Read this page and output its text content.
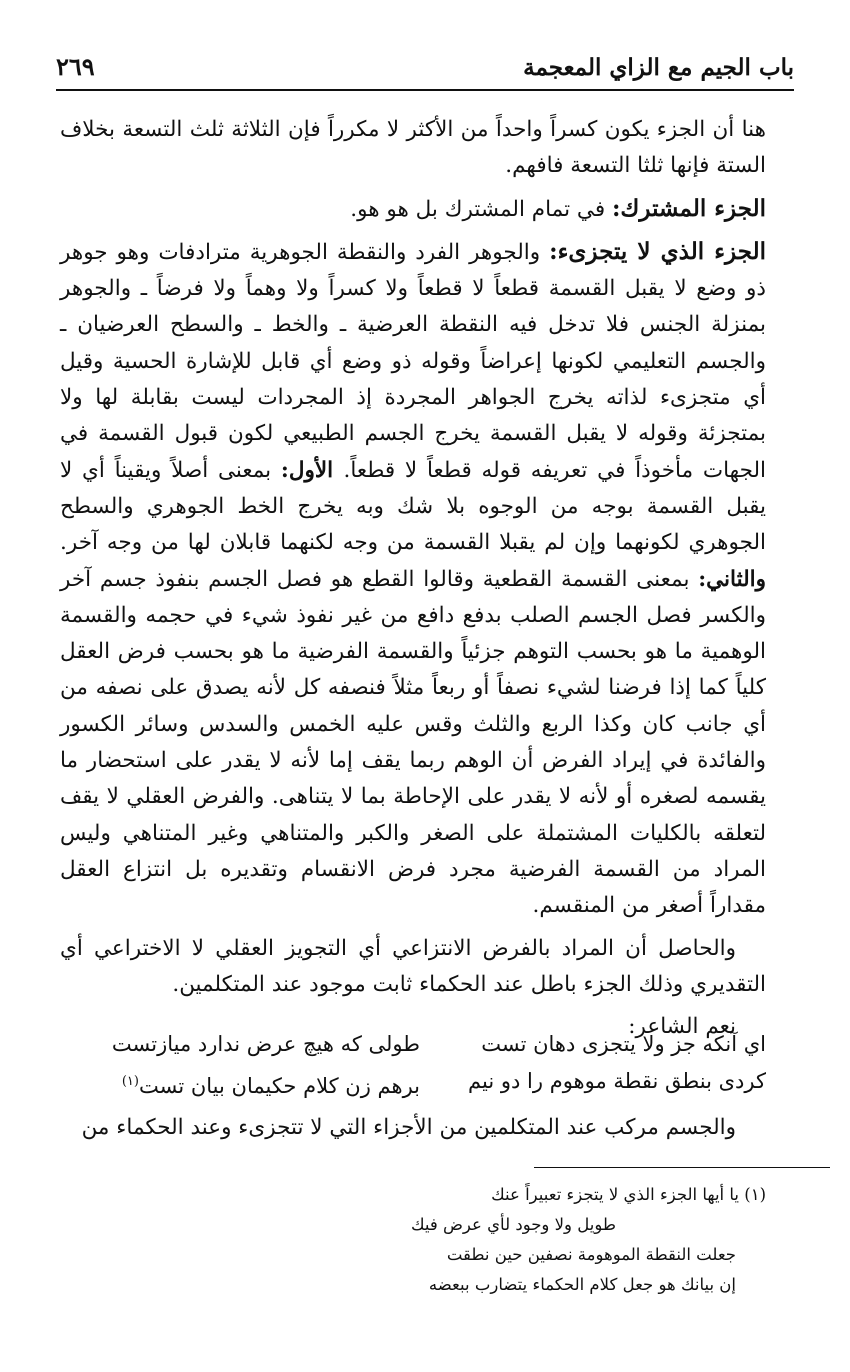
باب الجيم مع الزاي المعجمة
٢٦٩

هنا أن الجزء يكون كسراً واحداً من الأكثر لا مكرراً فإن الثلاثة ثلث التسعة بخلاف الستة فإنها ثلثا التسعة فافهم.

الجزء المشترك: في تمام المشترك بل هو هو.

الجزء الذي لا يتجزىء: والجوهر الفرد والنقطة الجوهرية مترادفات وهو جوهر ذو وضع لا يقبل القسمة قطعاً لا قطعاً ولا كسراً ولا وهماً ولا فرضاً ـ والجوهر بمنزلة الجنس فلا تدخل فيه النقطة العرضية ـ والخط ـ والسطح العرضيان ـ والجسم التعليمي لكونها إعراضاً وقوله ذو وضع أي قابل للإشارة الحسية وقيل أي متجزىء لذاته يخرج الجواهر المجردة إذ المجردات ليست بقابلة لها ولا بمتجزئة وقوله لا يقبل القسمة يخرج الجسم الطبيعي لكون قبول القسمة في الجهات مأخوذاً في تعريفه قوله قطعاً لا قطعاً. الأول: بمعنى أصلاً ويقيناً أي لا يقبل القسمة بوجه من الوجوه بلا شك وبه يخرج الخط الجوهري والسطح الجوهري لكونهما وإن لم يقبلا القسمة من وجه لكنهما قابلان لها من وجه آخر. والثاني: بمعنى القسمة القطعية وقالوا القطع هو فصل الجسم بنفوذ جسم آخر والكسر فصل الجسم الصلب بدفع دافع من غير نفوذ شيء في حجمه والقسمة الوهمية ما هو بحسب التوهم جزئياً والقسمة الفرضية ما هو بحسب فرض العقل كلياً كما إذا فرضنا لشيء نصفاً أو ربعاً مثلاً فنصفه كل لأنه يصدق على نصفه من أي جانب كان وكذا الربع والثلث وقس عليه الخمس والسدس وسائر الكسور والفائدة في إيراد الفرض أن الوهم ربما يقف إما لأنه لا يقدر على استحضار ما يقسمه لصغره أو لأنه لا يقدر على الإحاطة بما لا يتناهى. والفرض العقلي لا يقف لتعلقه بالكليات المشتملة على الصغر والكبر والمتناهي وغير المتناهي وليس المراد من القسمة الفرضية مجرد فرض الانقسام وتقديره بل انتزاع العقل مقداراً أصغر من المنقسم.

والحاصل أن المراد بالفرض الانتزاعي أي التجويز العقلي لا الاختراعي أي التقديري وذلك الجزء باطل عند الحكماء ثابت موجود عند المتكلمين.

نعم الشاعر:

اي آنكه جز ولا يتجزى دهان تست
طولى كه هيچ عرض ندارد ميازتست
كردى بنطق نقطة موهوم را دو نيم
برهم زن كلام حكيمان بيان تست$^{(١)}$
والجسم مركب عند المتكلمين من الأجزاء التي لا تتجزىء وعند الحكماء من
(١) يا أيها الجزء الذي لا يتجزء تعبيراً عنك
طويل ولا وجود لأي عرض فيك
جعلت النقطة الموهومة نصفين حين نطقت
إن بيانك هو جعل كلام الحكماء يتضارب ببعضه
